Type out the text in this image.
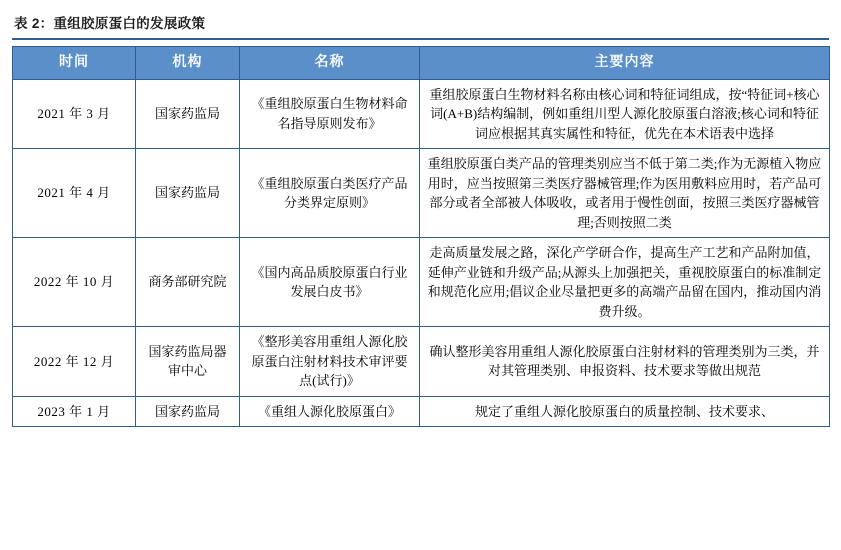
表 2：重组胶原蛋白的发展政策
时间	机构	名称	主要内容
2021 年 3 月	国家药监局	《重组胶原蛋白生物材料命名指导原则发布》	重组胶原蛋白生物材料名称由核心词和特征词组成，按“特征词+核心词(A+B)结构编制，例如重组川型人源化胶原蛋白溶液;核心词和特征词应根据其真实属性和特征，优先在本术语表中选择
2021 年 4 月	国家药监局	《重组胶原蛋白类医疗产品分类界定原则》	重组胶原蛋白类产品的管理类别应当不低于第二类;作为无源植入物应用时，应当按照第三类医疗器械管理;作为医用敷料应用时，若产品可部分或者全部被人体吸收，或者用于慢性创面，按照三类医疗器械管理;否则按照二类
2022 年 10 月	商务部研究院	《国内高品质胶原蛋白行业发展白皮书》	走高质量发展之路，深化产学研合作，提高生产工艺和产品附加值，延伸产业链和升级产品;从源头上加强把关，重视胶原蛋白的标准制定和规范化应用;倡议企业尽量把更多的高端产品留在国内，推动国内消费升级。
2022 年 12 月	国家药监局器审中心	《整形美容用重组人源化胶原蛋白注射材料技术审评要点(试行)》	确认整形美容用重组人源化胶原蛋白注射材料的管理类别为三类，并对其管理类别、申报资料、技术要求等做出规范
2023 年 1 月	国家药监局	《重组人源化胶原蛋白》	规定了重组人源化胶原蛋白的质量控制、技术要求、
